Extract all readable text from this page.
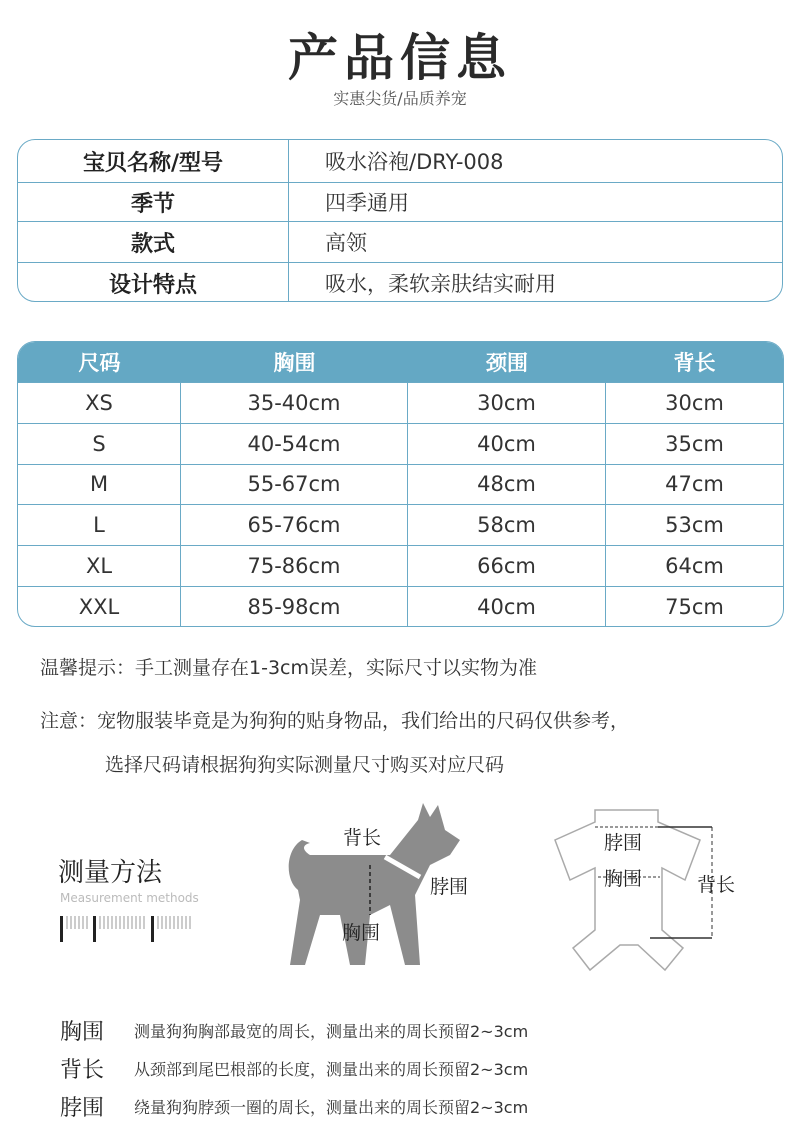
产品信息
实惠尖货/品质养宠
宝贝名称/型号	吸水浴袍/DRY-008
季节	四季通用
款式	高领
设计特点	吸水，柔软亲肤结实耐用
尺码	胸围	颈围	背长
XS	35-40cm	30cm	30cm
S	40-54cm	40cm	35cm
M	55-67cm	48cm	47cm
L	65-76cm	58cm	53cm
XL	75-86cm	66cm	64cm
XXL	85-98cm	40cm	75cm
温馨提示：手工测量存在1-3cm误差，实际尺寸以实物为准
注意：宠物服装毕竟是为狗狗的贴身物品，我们给出的尺码仅供参考，
选择尺码请根据狗狗实际测量尺寸购买对应尺码
测量方法
Measurement methods
背长
脖围
胸围
脖围
胸围	背长
胸围	测量狗狗胸部最宽的周长，测量出来的周长预留2~3cm
背长	从颈部到尾巴根部的长度，测量出来的周长预留2~3cm
脖围	绕量狗狗脖颈一圈的周长，测量出来的周长预留2~3cm
